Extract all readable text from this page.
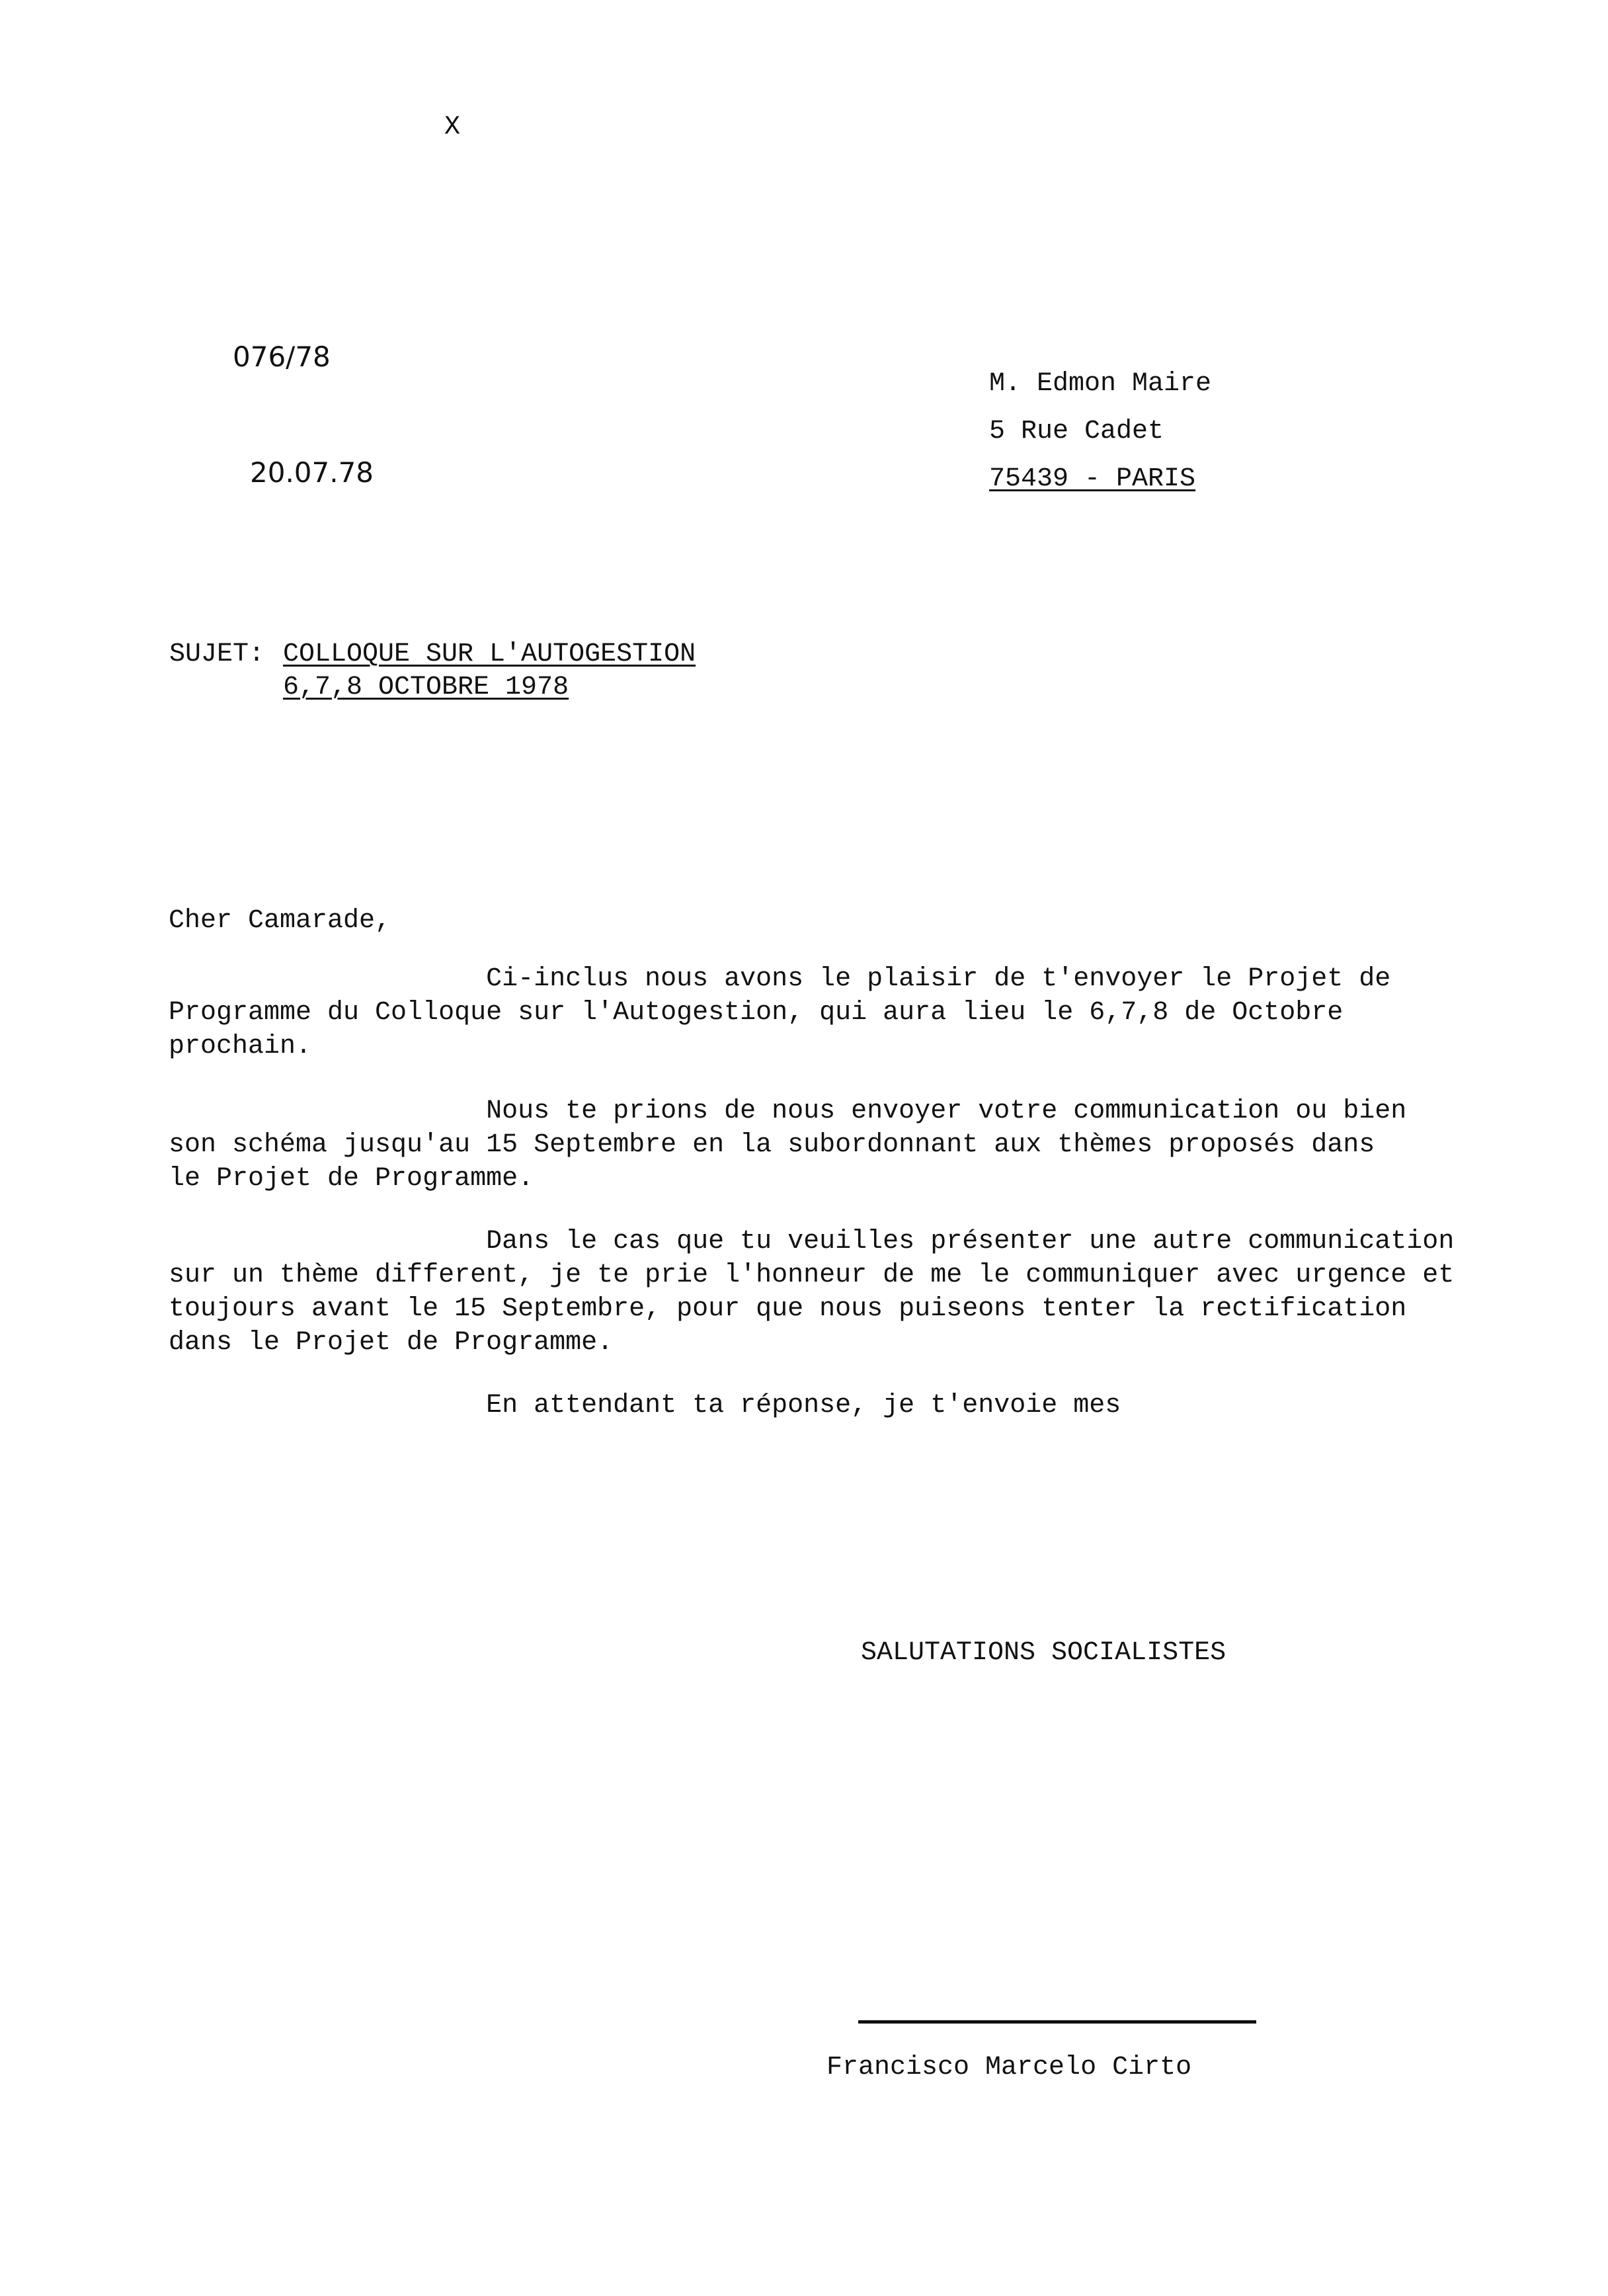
X
076/78
20.07.78
M. Edmon Maire
5 Rue Cadet
75439 - PARIS
SUJET: COLLOQUE SUR L'AUTOGESTION
6,7,8 OCTOBRE 1978
Cher Camarade,
Ci-inclus nous avons le plaisir de t'envoyer le Projet de
Programme du Colloque sur l'Autogestion, qui aura lieu le 6,7,8 de Octobre
prochain.
Nous te prions de nous envoyer votre communication ou bien
son schéma jusqu'au 15 Septembre en la subordonnant aux thèmes proposés dans
le Projet de Programme.
Dans le cas que tu veuilles présenter une autre communication
sur un thème different, je te prie l'honneur de me le communiquer avec urgence et
toujours avant le 15 Septembre, pour que nous puiseons tenter la rectification
dans le Projet de Programme.
En attendant ta réponse, je t'envoie mes
SALUTATIONS SOCIALISTES
Francisco Marcelo Cirto
